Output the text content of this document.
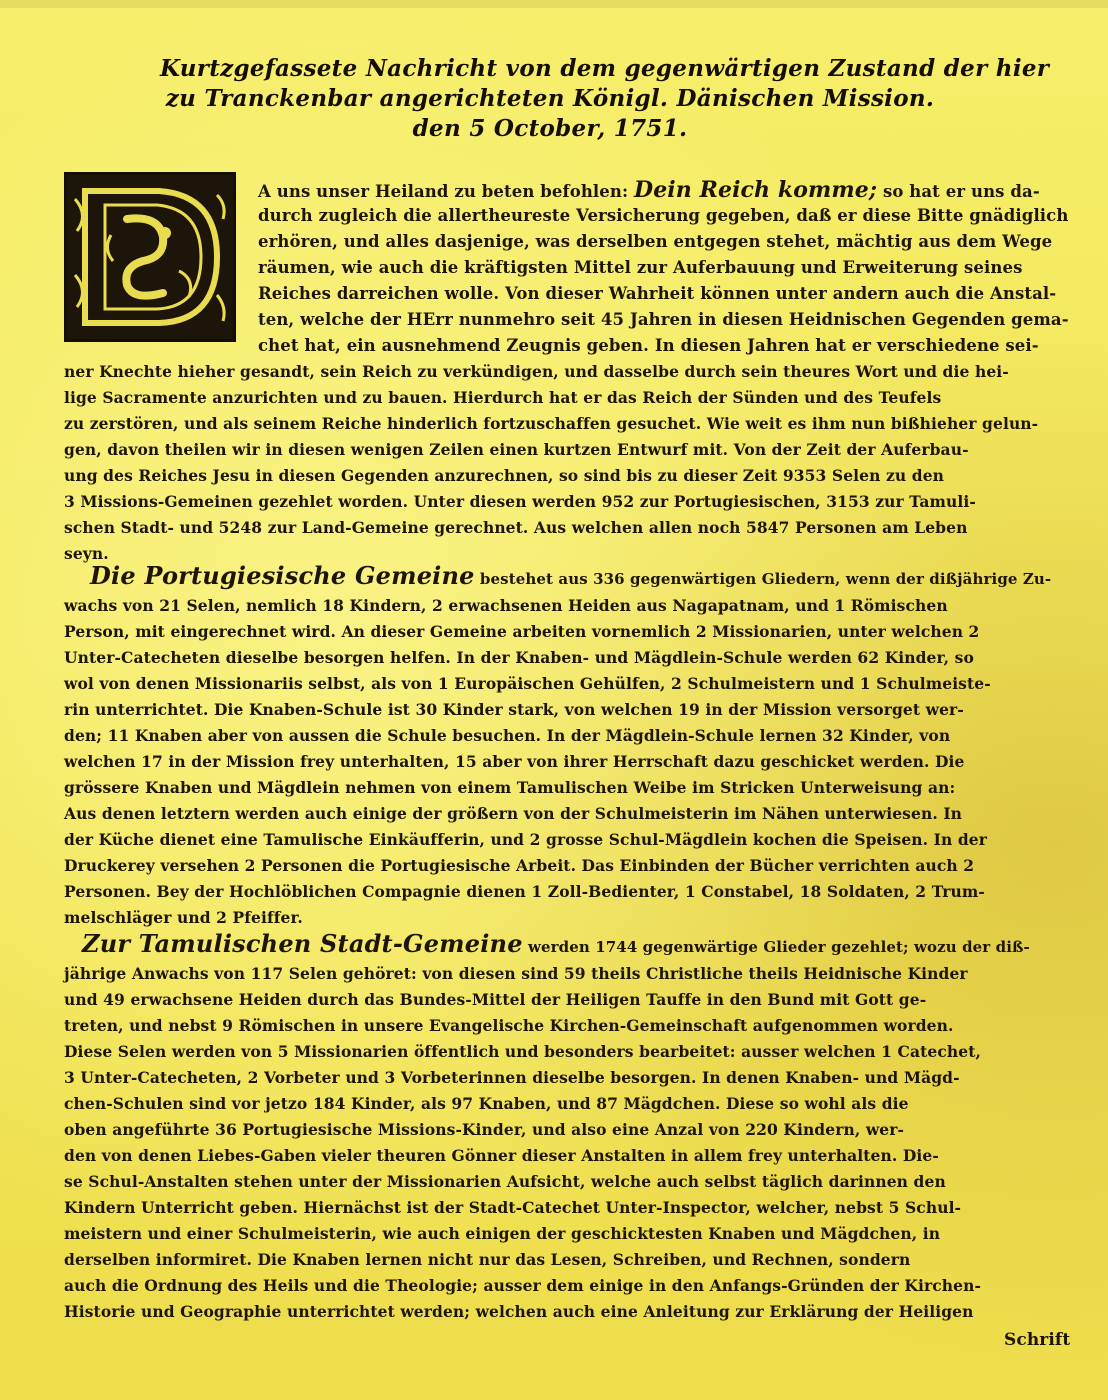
Kurtzgefassete Nachricht von dem gegenwärtigen Zustand der hier
zu Tranckenbar angerichteten Königl. Dänischen Mission.
den 5 October, 1751.
A uns unser Heiland zu beten befohlen: Dein Reich komme; so hat er uns da-
durch zugleich die allertheureste Versicherung gegeben, daß er diese Bitte gnädiglich
erhören, und alles dasjenige, was derselben entgegen stehet, mächtig aus dem Wege
räumen, wie auch die kräftigsten Mittel zur Auferbauung und Erweiterung seines
Reiches darreichen wolle. Von dieser Wahrheit können unter andern auch die Anstal-
ten, welche der HErr nunmehro seit 45 Jahren in diesen Heidnischen Gegenden gema-
chet hat, ein ausnehmend Zeugnis geben. In diesen Jahren hat er verschiedene sei-
ner Knechte hieher gesandt, sein Reich zu verkündigen, und dasselbe durch sein theures Wort und die hei-
lige Sacramente anzurichten und zu bauen. Hierdurch hat er das Reich der Sünden und des Teufels
zu zerstören, und als seinem Reiche hinderlich fortzuschaffen gesuchet. Wie weit es ihm nun bißhieher gelun-
gen, davon theilen wir in diesen wenigen Zeilen einen kurtzen Entwurf mit. Von der Zeit der Auferbau-
ung des Reiches Jesu in diesen Gegenden anzurechnen, so sind bis zu dieser Zeit 9353 Selen zu den
3 Missions-Gemeinen gezehlet worden. Unter diesen werden 952 zur Portugiesischen, 3153 zur Tamuli-
schen Stadt- und 5248 zur Land-Gemeine gerechnet. Aus welchen allen noch 5847 Personen am Leben
seyn.
Die Portugiesische Gemeine bestehet aus 336 gegenwärtigen Gliedern, wenn der dißjährige Zu-
wachs von 21 Selen, nemlich 18 Kindern, 2 erwachsenen Heiden aus Nagapatnam, und 1 Römischen
Person, mit eingerechnet wird. An dieser Gemeine arbeiten vornemlich 2 Missionarien, unter welchen 2
Unter-Catecheten dieselbe besorgen helfen. In der Knaben- und Mägdlein-Schule werden 62 Kinder, so
wol von denen Missionariis selbst, als von 1 Europäischen Gehülfen, 2 Schulmeistern und 1 Schulmeiste-
rin unterrichtet. Die Knaben-Schule ist 30 Kinder stark, von welchen 19 in der Mission versorget wer-
den; 11 Knaben aber von aussen die Schule besuchen. In der Mägdlein-Schule lernen 32 Kinder, von
welchen 17 in der Mission frey unterhalten, 15 aber von ihrer Herrschaft dazu geschicket werden. Die
grössere Knaben und Mägdlein nehmen von einem Tamulischen Weibe im Stricken Unterweisung an:
Aus denen letztern werden auch einige der größern von der Schulmeisterin im Nähen unterwiesen. In
der Küche dienet eine Tamulische Einkäufferin, und 2 grosse Schul-Mägdlein kochen die Speisen. In der
Druckerey versehen 2 Personen die Portugiesische Arbeit. Das Einbinden der Bücher verrichten auch 2
Personen. Bey der Hochlöblichen Compagnie dienen 1 Zoll-Bedienter, 1 Constabel, 18 Soldaten, 2 Trum-
melschläger und 2 Pfeiffer.
Zur Tamulischen Stadt-Gemeine werden 1744 gegenwärtige Glieder gezehlet; wozu der diß-
jährige Anwachs von 117 Selen gehöret: von diesen sind 59 theils Christliche theils Heidnische Kinder
und 49 erwachsene Heiden durch das Bundes-Mittel der Heiligen Tauffe in den Bund mit Gott ge-
treten, und nebst 9 Römischen in unsere Evangelische Kirchen-Gemeinschaft aufgenommen worden.
Diese Selen werden von 5 Missionarien öffentlich und besonders bearbeitet: ausser welchen 1 Catechet,
3 Unter-Catecheten, 2 Vorbeter und 3 Vorbeterinnen dieselbe besorgen. In denen Knaben- und Mägd-
chen-Schulen sind vor jetzo 184 Kinder, als 97 Knaben, und 87 Mägdchen. Diese so wohl als die
oben angeführte 36 Portugiesische Missions-Kinder, und also eine Anzal von 220 Kindern, wer-
den von denen Liebes-Gaben vieler theuren Gönner dieser Anstalten in allem frey unterhalten. Die-
se Schul-Anstalten stehen unter der Missionarien Aufsicht, welche auch selbst täglich darinnen den
Kindern Unterricht geben. Hiernächst ist der Stadt-Catechet Unter-Inspector, welcher, nebst 5 Schul-
meistern und einer Schulmeisterin, wie auch einigen der geschicktesten Knaben und Mägdchen, in
derselben informiret. Die Knaben lernen nicht nur das Lesen, Schreiben, und Rechnen, sondern
auch die Ordnung des Heils und die Theologie; ausser dem einige in den Anfangs-Gründen der Kirchen-
Historie und Geographie unterrichtet werden; welchen auch eine Anleitung zur Erklärung der Heiligen
Schrift
